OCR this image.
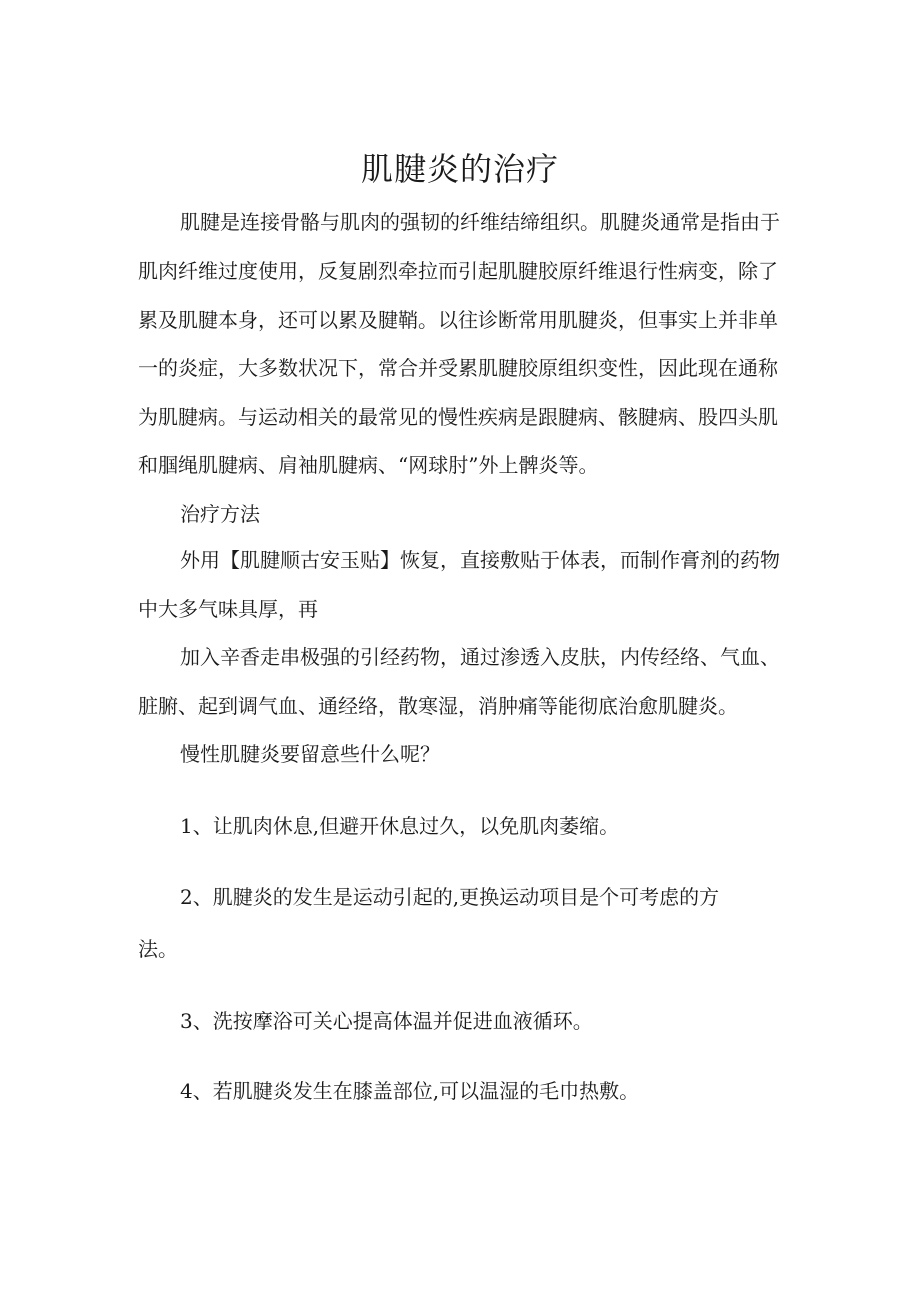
肌腱炎的治疗
肌腱是连接骨骼与肌肉的强韧的纤维结缔组织。肌腱炎通常是指由于
肌肉纤维过度使用，反复剧烈牵拉而引起肌腱胶原纤维退行性病变，除了
累及肌腱本身，还可以累及腱鞘。以往诊断常用肌腱炎，但事实上并非单
一的炎症，大多数状况下，常合并受累肌腱胶原组织变性，因此现在通称
为肌腱病。与运动相关的最常见的慢性疾病是跟腱病、骸腱病、股四头肌
和腘绳肌腱病、肩袖肌腱病、“网球肘”外上髀炎等。
治疗方法
外用【肌腱顺古安玉贴】恢复，直接敷贴于体表，而制作膏剂的药物
中大多气味具厚，再
加入辛香走串极强的引经药物，通过渗透入皮肤，内传经络、气血、
脏腑、起到调气血、通经络，散寒湿，消肿痛等能彻底治愈肌腱炎。
慢性肌腱炎要留意些什么呢？
1、让肌肉休息,但避开休息过久，以免肌肉萎缩。
2、肌腱炎的发生是运动引起的,更换运动项目是个可考虑的方
法。
3、洗按摩浴可关心提高体温并促进血液循环。
4、若肌腱炎发生在膝盖部位,可以温湿的毛巾热敷。
